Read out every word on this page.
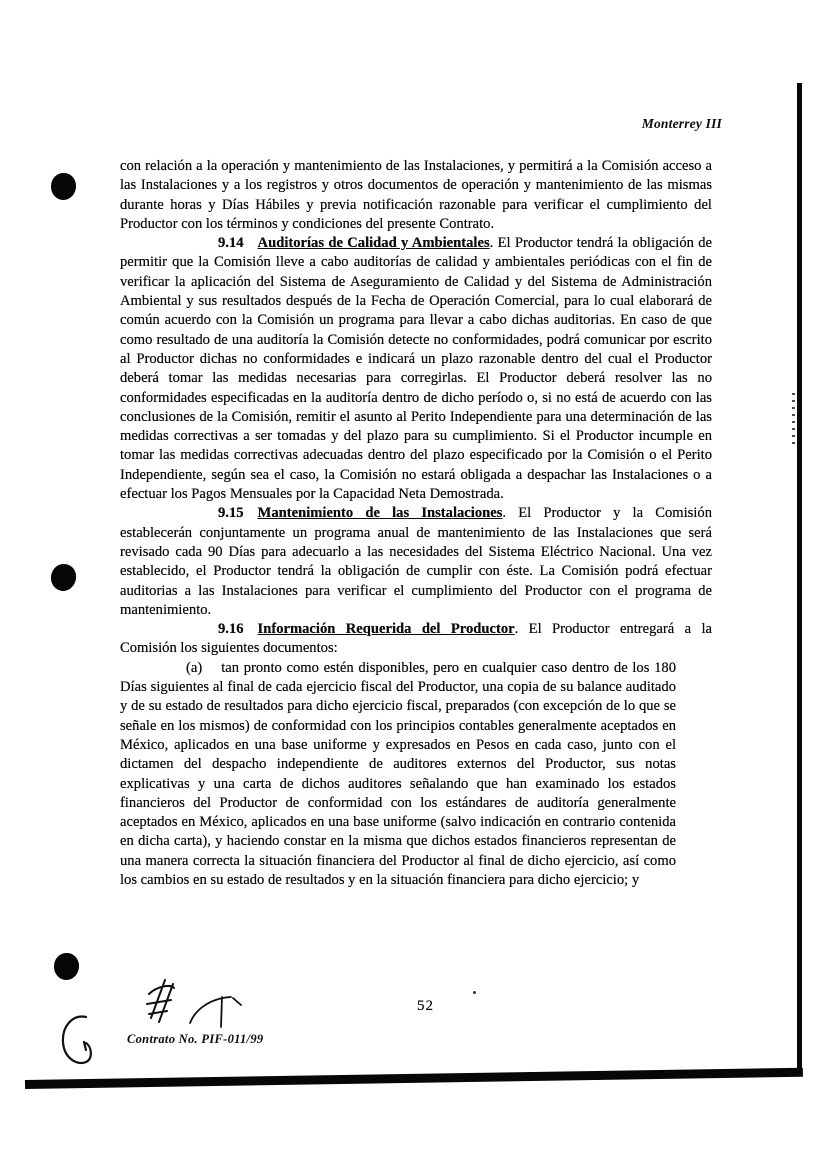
Monterrey III

con relación a la operación y mantenimiento de las Instalaciones, y permitirá a la Comisión acceso a las Instalaciones y a los registros y otros documentos de operación y mantenimiento de las mismas durante horas y Días Hábiles y previa notificación razonable para verificar el cumplimiento del Productor con los términos y condiciones del presente Contrato.

9.14 Auditorías de Calidad y Ambientales. El Productor tendrá la obligación de permitir que la Comisión lleve a cabo auditorías de calidad y ambientales periódicas con el fin de verificar la aplicación del Sistema de Aseguramiento de Calidad y del Sistema de Administración Ambiental y sus resultados después de la Fecha de Operación Comercial, para lo cual elaborará de común acuerdo con la Comisión un programa para llevar a cabo dichas auditorias. En caso de que como resultado de una auditoría la Comisión detecte no conformidades, podrá comunicar por escrito al Productor dichas no conformidades e indicará un plazo razonable dentro del cual el Productor deberá tomar las medidas necesarias para corregirlas. El Productor deberá resolver las no conformidades especificadas en la auditoría dentro de dicho período o, si no está de acuerdo con las conclusiones de la Comisión, remitir el asunto al Perito Independiente para una determinación de las medidas correctivas a ser tomadas y del plazo para su cumplimiento. Si el Productor incumple en tomar las medidas correctivas adecuadas dentro del plazo especificado por la Comisión o el Perito Independiente, según sea el caso, la Comisión no estará obligada a despachar las Instalaciones o a efectuar los Pagos Mensuales por la Capacidad Neta Demostrada.

9.15 Mantenimiento de las Instalaciones. El Productor y la Comisión establecerán conjuntamente un programa anual de mantenimiento de las Instalaciones que será revisado cada 90 Días para adecuarlo a las necesidades del Sistema Eléctrico Nacional. Una vez establecido, el Productor tendrá la obligación de cumplir con éste. La Comisión podrá efectuar auditorias a las Instalaciones para verificar el cumplimiento del Productor con el programa de mantenimiento.

9.16 Información Requerida del Productor. El Productor entregará a la Comisión los siguientes documentos:

(a) tan pronto como estén disponibles, pero en cualquier caso dentro de los 180 Días siguientes al final de cada ejercicio fiscal del Productor, una copia de su balance auditado y de su estado de resultados para dicho ejercicio fiscal, preparados (con excepción de lo que se señale en los mismos) de conformidad con los principios contables generalmente aceptados en México, aplicados en una base uniforme y expresados en Pesos en cada caso, junto con el dictamen del despacho independiente de auditores externos del Productor, sus notas explicativas y una carta de dichos auditores señalando que han examinado los estados financieros del Productor de conformidad con los estándares de auditoría generalmente aceptados en México, aplicados en una base uniforme (salvo indicación en contrario contenida en dicha carta), y haciendo constar en la misma que dichos estados financieros representan de una manera correcta la situación financiera del Productor al final de dicho ejercicio, así como los cambios en su estado de resultados y en la situación financiera para dicho ejercicio; y

52
Contrato No. PIF-011/99
